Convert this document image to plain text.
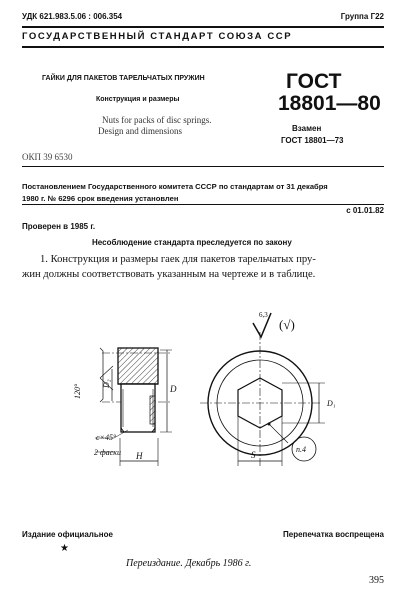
УДК 621.983.5.06 : 006.354	Группа Г22
ГОСУДАРСТВЕННЫЙ СТАНДАРТ СОЮЗА ССР
ГАЙКИ ДЛЯ ПАКЕТОВ ТАРЕЛЬЧАТЫХ ПРУЖИН
Конструкция и размеры
Nuts for packs of disc springs.
Design and dimensions
ГОСТ
18801—80
Взамен
ГОСТ 18801—73
ОКП 39 6530
Постановлением Государственного комитета СССР по стандартам от 31 декабря
1980 г. № 6296 срок введения установлен
с 01.01.82
Проверен в 1985 г.
Несоблюдение стандарта преследуется по закону
1. Конструкция и размеры гаек для пакетов тарельчатых пру-
жин должны соответствовать указанным на чертеже и в таблице.
6,3
(√)
120°
D₂
D
c×45°
2 фаски H	S
D₁
п.4
Издание официальное	Перепечатка воспрещена
★
Переиздание. Декабрь 1986 г.
395
